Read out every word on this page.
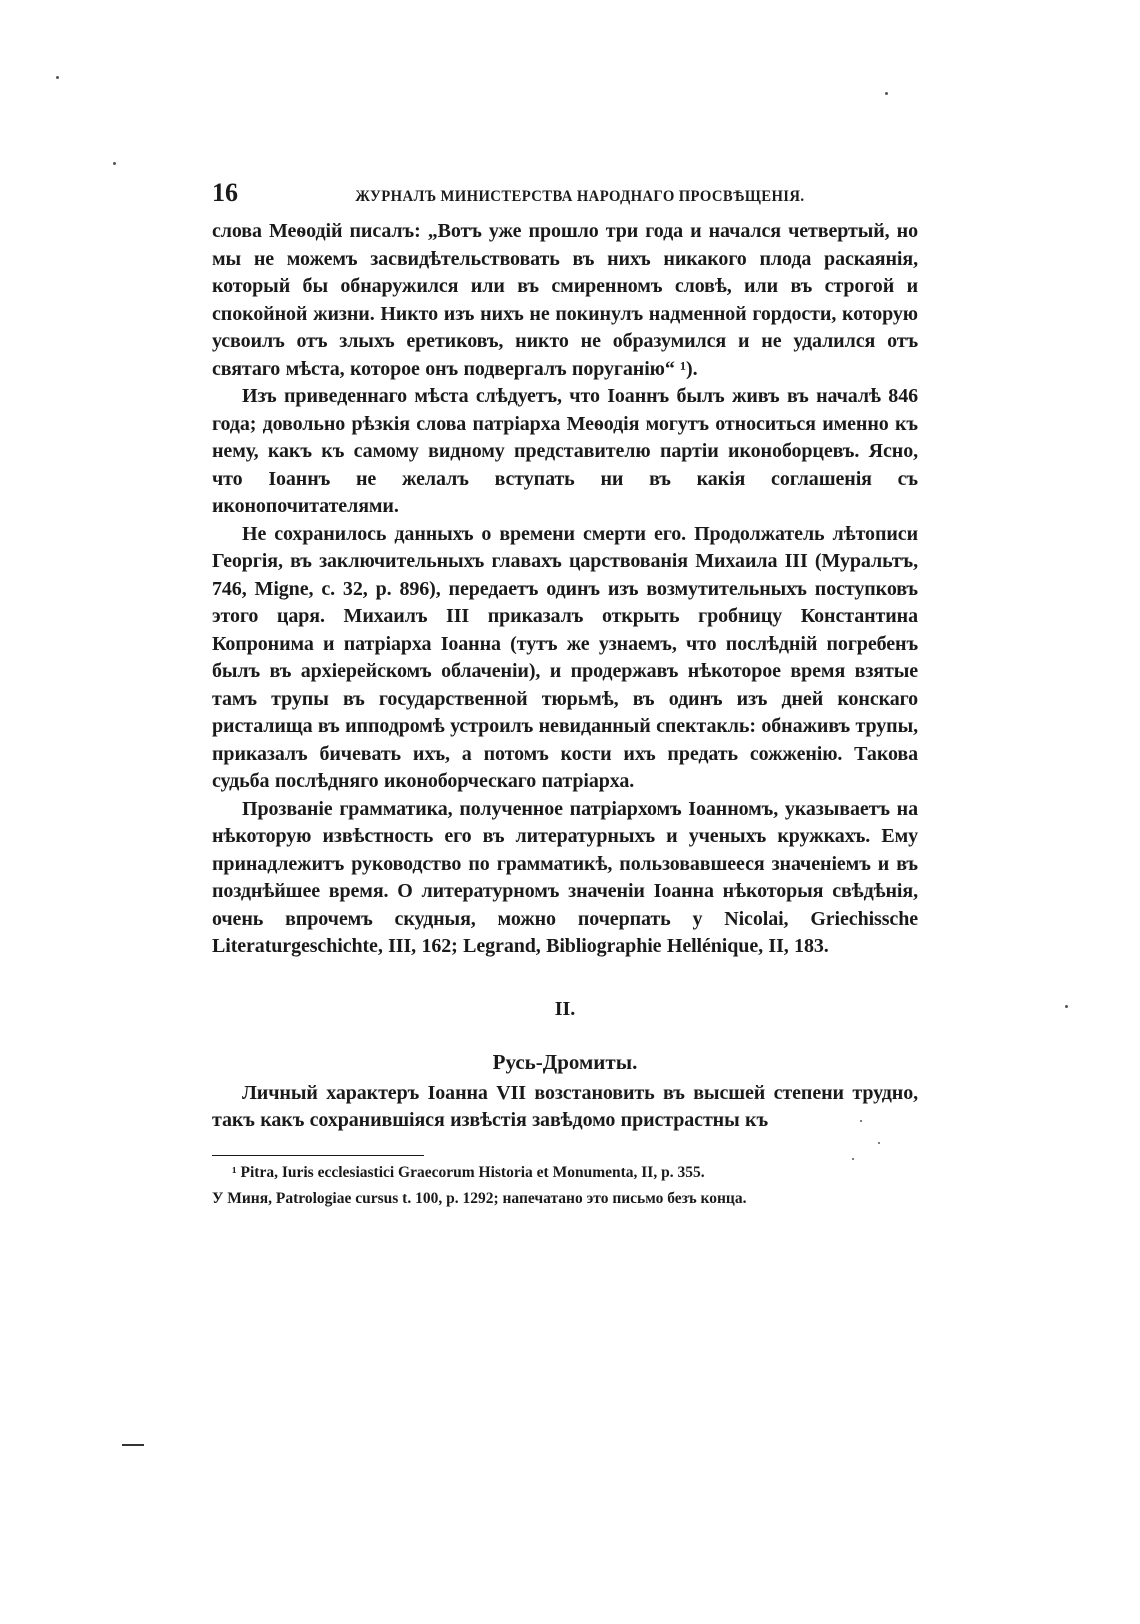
16	ЖУРНАЛЪ МИНИСТЕРСТВА НАРОДНАГО ПРОСВѢЩЕНІЯ.

слова Меѳодій писалъ: „Вотъ уже прошло три года и начался четвертый, но мы не можемъ засвидѣтельствовать въ нихъ никакого плода раскаянія, который бы обнаружился или въ смиренномъ словѣ, или въ строгой и спокойной жизни. Никто изъ нихъ не покинулъ надменной гордости, которую усвоилъ отъ злыхъ еретиковъ, никто не образумился и не удалился отъ святаго мѣста, которое онъ подвергалъ поруганію“ ¹).

Изъ приведеннаго мѣста слѣдуетъ, что Іоаннъ былъ живъ въ началѣ 846 года; довольно рѣзкія слова патріарха Меѳодія могутъ относиться именно къ нему, какъ къ самому видному представителю партіи иконоборцевъ. Ясно, что Іоаннъ не желалъ вступать ни въ какія соглашенія съ иконопочитателями.

Не сохранилось данныхъ о времени смерти его. Продолжатель лѣтописи Георгія, въ заключительныхъ главахъ царствованія Михаила III (Муральтъ, 746, Migne, с. 32, р. 896), передаетъ одинъ изъ возмутительныхъ поступковъ этого царя. Михаилъ III приказалъ открыть гробницу Константина Копронима и патріарха Іоанна (тутъ же узнаемъ, что послѣдній погребенъ былъ въ архіерейскомъ облаченіи), и продержавъ нѣкоторое время взятые тамъ трупы въ государственной тюрьмѣ, въ одинъ изъ дней конскаго ристалища въ ипподромѣ устроилъ невиданный спектакль: обнаживъ трупы, приказалъ бичевать ихъ, а потомъ кости ихъ предать сожженію. Такова судьба послѣдняго иконоборческаго патріарха.

Прозваніе грамматика, полученное патріархомъ Іоанномъ, указываетъ на нѣкоторую извѣстность его въ литературныхъ и ученыхъ кружкахъ. Ему принадлежитъ руководство по грамматикѣ, пользовавшееся значеніемъ и въ позднѣйшее время. О литературномъ значеніи Іоанна нѣкоторыя свѣдѣнія, очень впрочемъ скудныя, можно почерпать у Nicolai, Griechissche Literaturgeschichte, III, 162; Legrand, Bibliographie Hellénique, II, 183.

II.
Русь-Дромиты.

Личный характеръ Іоанна VII возстановить въ высшей степени трудно, такъ какъ сохранившіяся извѣстія завѣдомо пристрастны къ

¹ Pitra, Iuris ecclesiastici Graecorum Historia et Monumenta, II, p. 355.

У Миня, Patrologiae cursus t. 100, p. 1292; напечатано это письмо безъ конца.
